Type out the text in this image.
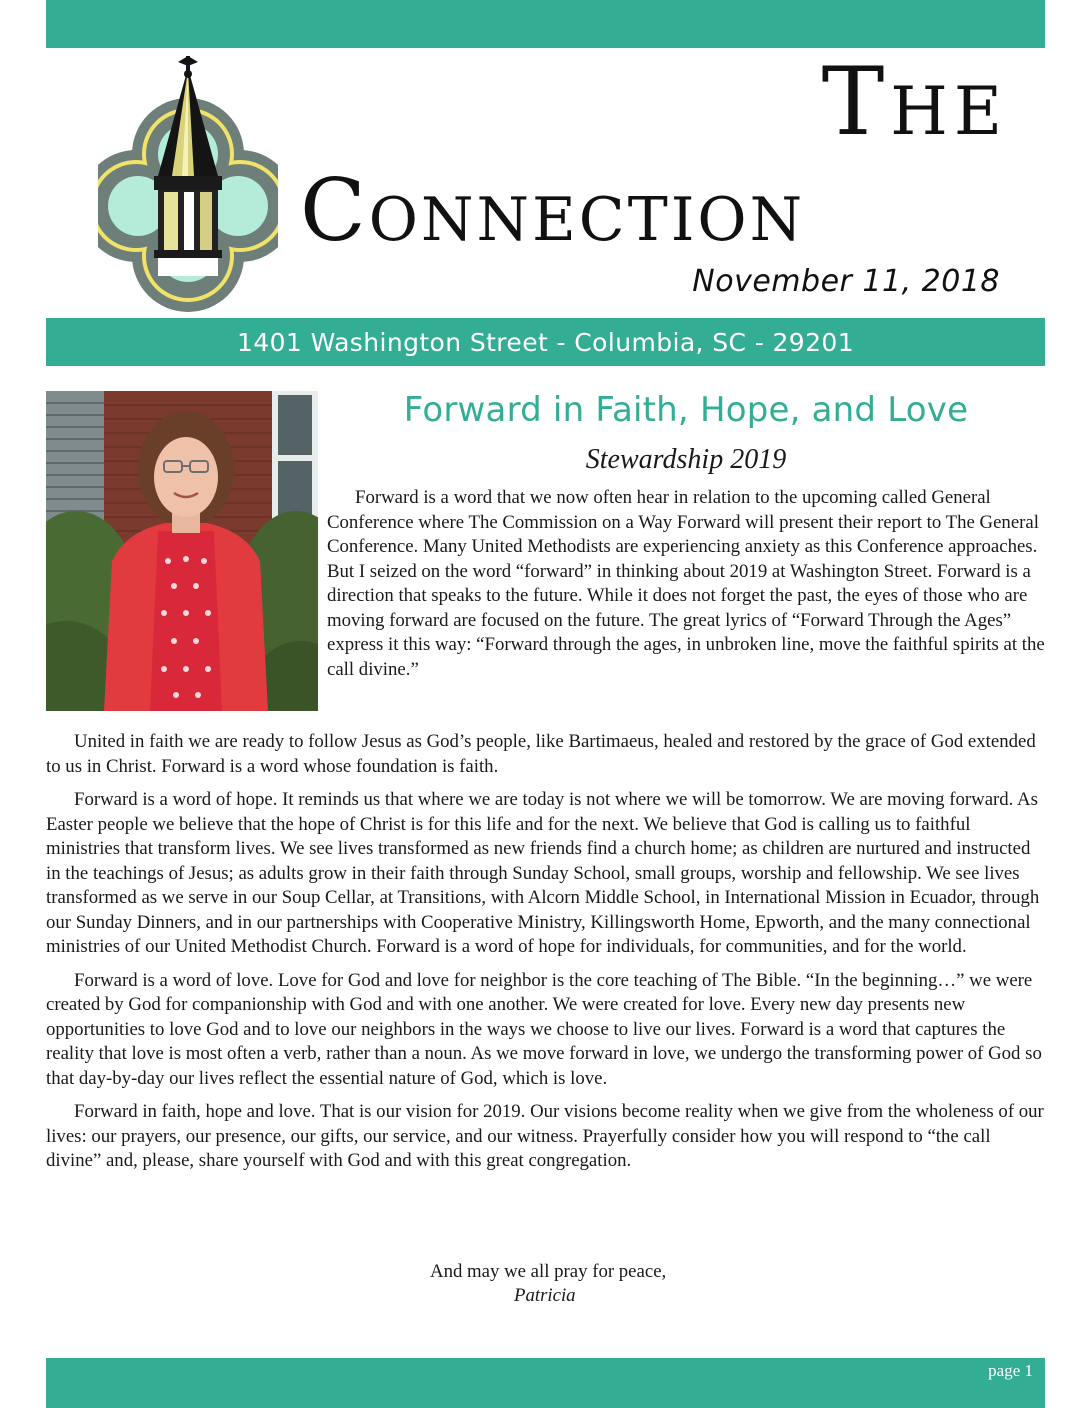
The
Connection
November 11, 2018
1401 Washington Street - Columbia, SC - 29201
Forward in Faith, Hope, and Love
Stewardship 2019

Forward is a word that we now often hear in relation to the upcoming called General Conference where The Commission on a Way Forward will present their report to The General Conference. Many United Methodists are experiencing anxiety as this Conference approaches. But I seized on the word “forward” in thinking about 2019 at Washington Street. Forward is a direction that speaks to the future. While it does not forget the past, the eyes of those who are moving forward are focused on the future. The great lyrics of “Forward Through the Ages” express it this way: “Forward through the ages, in unbroken line, move the faithful spirits at the call divine.”

United in faith we are ready to follow Jesus as God’s people, like Bartimaeus, healed and restored by the grace of God extended to us in Christ. Forward is a word whose foundation is faith.

Forward is a word of hope. It reminds us that where we are today is not where we will be tomorrow. We are moving forward. As Easter people we believe that the hope of Christ is for this life and for the next. We believe that God is calling us to faithful ministries that transform lives. We see lives transformed as new friends find a church home; as children are nurtured and instructed in the teachings of Jesus; as adults grow in their faith through Sunday School, small groups, worship and fellowship. We see lives transformed as we serve in our Soup Cellar, at Transitions, with Alcorn Middle School, in International Mission in Ecuador, through our Sunday Dinners, and in our partnerships with Cooperative Ministry, Killingsworth Home, Epworth, and the many connectional ministries of our United Methodist Church. Forward is a word of hope for individuals, for communities, and for the world.

Forward is a word of love. Love for God and love for neighbor is the core teaching of The Bible. “In the beginning…” we were created by God for companionship with God and with one another. We were created for love. Every new day presents new opportunities to love God and to love our neighbors in the ways we choose to live our lives. Forward is a word that captures the reality that love is most often a verb, rather than a noun. As we move forward in love, we undergo the transforming power of God so that day-by-day our lives reflect the essential nature of God, which is love.

Forward in faith, hope and love. That is our vision for 2019. Our visions become reality when we give from the wholeness of our lives: our prayers, our presence, our gifts, our service, and our witness. Prayerfully consider how you will respond to “the call divine” and, please, share yourself with God and with this great congregation.

And may we all pray for peace,
Patricia
page 1
